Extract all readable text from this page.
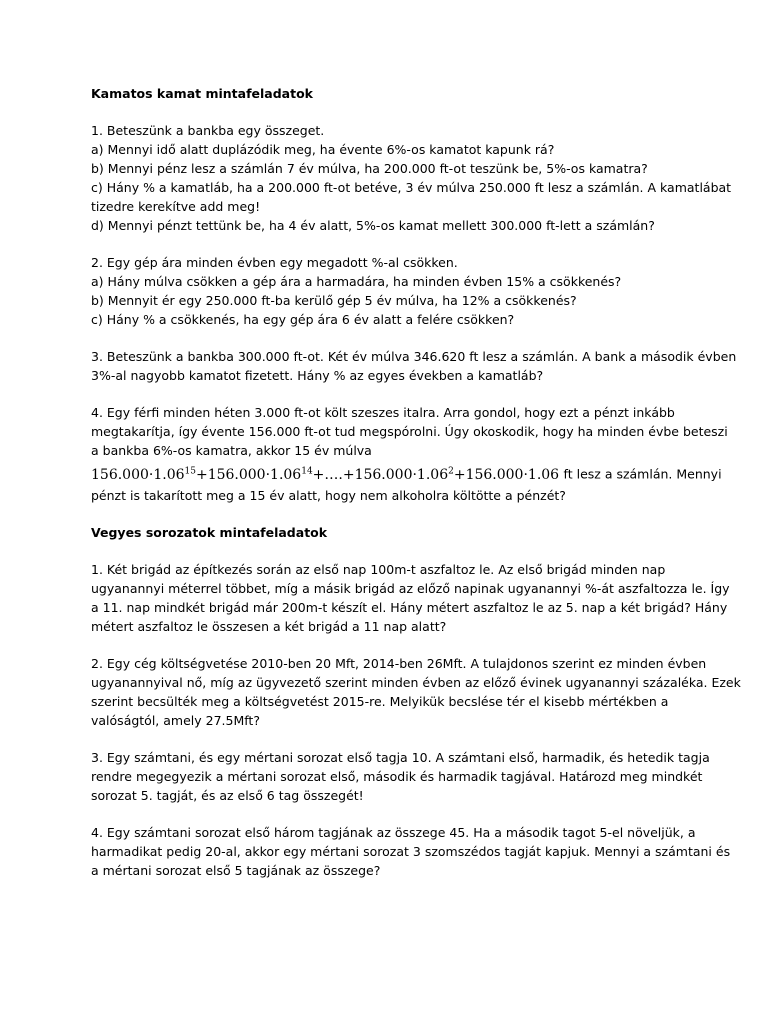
Kamatos kamat mintafeladatok
1. Beteszünk a bankba egy összeget.
a) Mennyi idő alatt duplázódik meg, ha évente 6%-os kamatot kapunk rá?
b) Mennyi pénz lesz a számlán 7 év múlva, ha 200.000 ft-ot teszünk be, 5%-os kamatra?
c) Hány % a kamatláb, ha a 200.000 ft-ot betéve, 3 év múlva 250.000 ft lesz a számlán. A kamatlábat
tizedre kerekítve add meg!
d) Mennyi pénzt tettünk be, ha 4 év alatt, 5%-os kamat mellett 300.000 ft-lett a számlán?
2. Egy gép ára minden évben egy megadott %-al csökken.
a) Hány múlva csökken a gép ára a harmadára, ha minden évben 15% a csökkenés?
b) Mennyit ér egy 250.000 ft-ba kerülő gép 5 év múlva, ha 12% a csökkenés?
c) Hány % a csökkenés, ha egy gép ára 6 év alatt a felére csökken?
3. Beteszünk a bankba 300.000 ft-ot. Két év múlva 346.620 ft lesz a számlán. A bank a második évben
3%-al nagyobb kamatot fizetett. Hány % az egyes években a kamatláb?
4. Egy férfi minden héten 3.000 ft-ot költ szeszes italra. Arra gondol, hogy ezt a pénzt inkább
megtakarítja, így évente 156.000 ft-ot tud megspórolni. Úgy okoskodik, hogy ha minden évbe beteszi
a bankba 6%-os kamatra, akkor 15 év múlva
$156.000\cdot 1.06^{15}+156.000\cdot 1.06^{14}+\dots.+156.000\cdot 1.06^2+156.000\cdot 1.06$ ft lesz a számlán. Mennyi
pénzt is takarított meg a 15 év alatt, hogy nem alkoholra költötte a pénzét?
Vegyes sorozatok mintafeladatok
1. Két brigád az építkezés során az első nap 100m-t aszfaltoz le. Az első brigád minden nap
ugyanannyi méterrel többet, míg a másik brigád az előző napinak ugyanannyi %-át aszfaltozza le. Így
a 11. nap mindkét brigád már 200m-t készít el. Hány métert aszfaltoz le az 5. nap a két brigád? Hány
métert aszfaltoz le összesen a két brigád a 11 nap alatt?
2. Egy cég költségvetése 2010-ben 20 Mft, 2014-ben 26Mft. A tulajdonos szerint ez minden évben
ugyanannyival nő, míg az ügyvezető szerint minden évben az előző évinek ugyanannyi százaléka. Ezek
szerint becsülték meg a költségvetést 2015-re. Melyikük becslése tér el kisebb mértékben a
valóságtól, amely 27.5Mft?
3. Egy számtani, és egy mértani sorozat első tagja 10. A számtani első, harmadik, és hetedik tagja
rendre megegyezik a mértani sorozat első, második és harmadik tagjával. Határozd meg mindkét
sorozat 5. tagját, és az első 6 tag összegét!
4. Egy számtani sorozat első három tagjának az összege 45. Ha a második tagot 5-el növeljük, a
harmadikat pedig 20-al, akkor egy mértani sorozat 3 szomszédos tagját kapjuk. Mennyi a számtani és
a mértani sorozat első 5 tagjának az összege?
